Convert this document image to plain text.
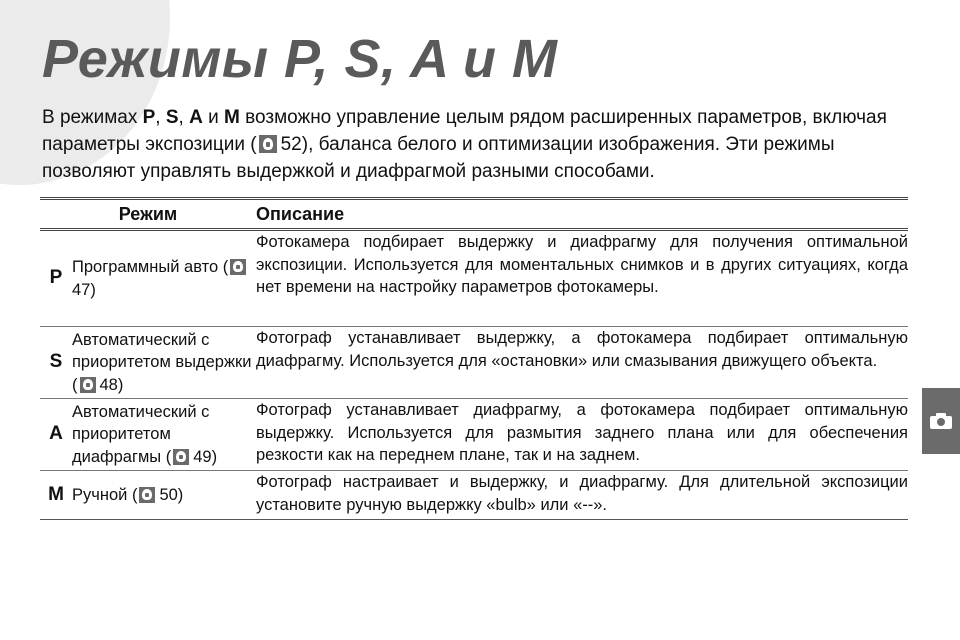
Режимы P, S, A и M

В режимах P, S, A и M возможно управление целым рядом расширенных параметров, включая параметры экспозиции ( 52), баланса белого и оптимизации изображения. Эти режимы позволяют управлять выдержкой и диафрагмой разными способами.

Режим	Описание
P
Программный авто (47)
Фотокамера подбирает выдержку и диафрагму для получения оптимальной экспозиции. Используется для моментальных снимков и в других ситуациях, когда нет времени на настройку параметров фотокамеры.
S
Автоматический с приоритетом выдержки ( 48)
Фотограф устанавливает выдержку, а фотокамера подбирает оптимальную диафрагму. Используется для «остановки» или смазывания движущего объекта.
A
Автоматический с приоритетом диафрагмы ( 49)
Фотограф устанавливает диафрагму, а фотокамера подбирает оптимальную выдержку. Используется для размытия заднего плана или для обеспечения резкости как на переднем плане, так и на заднем.
M Ручной ( 50)
Фотограф настраивает и выдержку, и диафрагму. Для длительной экспозиции установите ручную выдержку «bulb» или «--».
